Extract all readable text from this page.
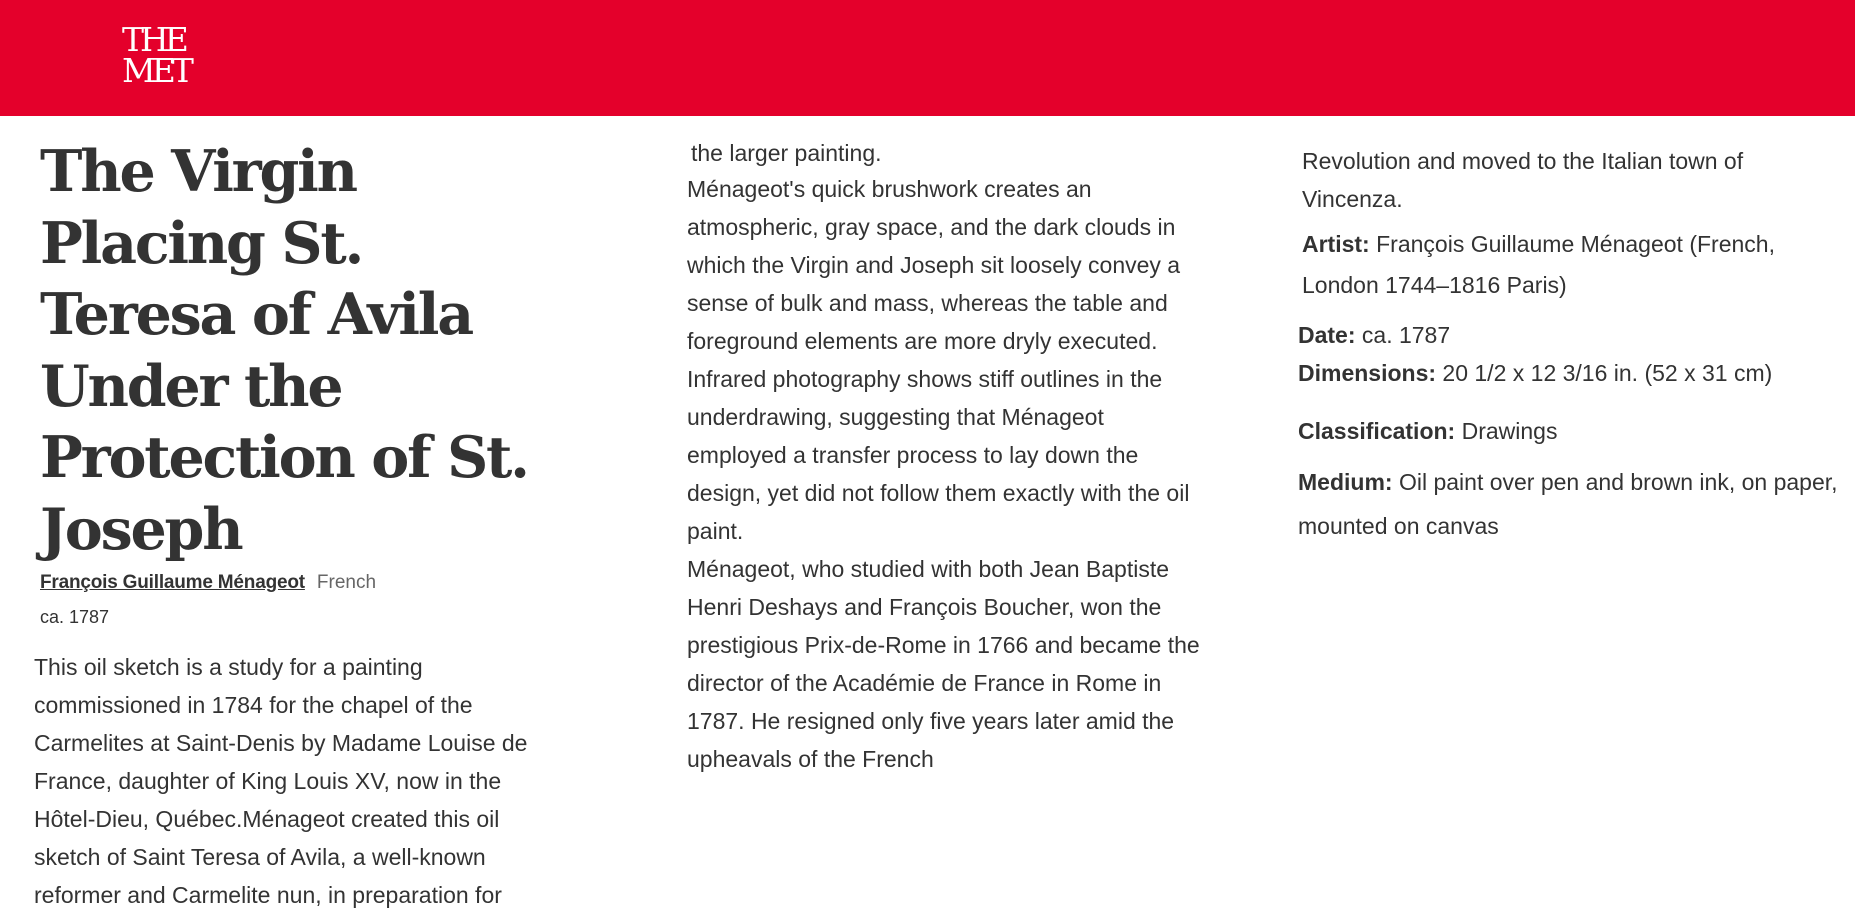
THE
MET
The Virgin Placing St. Teresa of Avila Under the Protection of St. Joseph
François Guillaume Ménageot French
ca. 1787

This oil sketch is a study for a painting commissioned in 1784 for the chapel of the Carmelites at Saint-Denis by Madame Louise de France, daughter of King Louis XV, now in the Hôtel-Dieu, Québec.Ménageot created this oil sketch of Saint Teresa of Avila, a well-known reformer and Carmelite nun, in preparation for

the larger painting.

Ménageot's quick brushwork creates an atmospheric, gray space, and the dark clouds in which the Virgin and Joseph sit loosely convey a sense of bulk and mass, whereas the table and foreground elements are more dryly executed. Infrared photography shows stiff outlines in the underdrawing, suggesting that Ménageot employed a transfer process to lay down the design, yet did not follow them exactly with the oil paint.

Ménageot, who studied with both Jean Baptiste Henri Deshays and François Boucher, won the prestigious Prix-de-Rome in 1766 and became the director of the Académie de France in Rome in 1787. He resigned only five years later amid the upheavals of the French

Revolution and moved to the Italian town of Vincenza.

Artist: François Guillaume Ménageot (French, London 1744–1816 Paris)

Date: ca. 1787

Dimensions: 20 1/2 x 12 3/16 in. (52 x 31 cm)

Classification: Drawings

Medium: Oil paint over pen and brown ink, on paper, mounted on canvas
